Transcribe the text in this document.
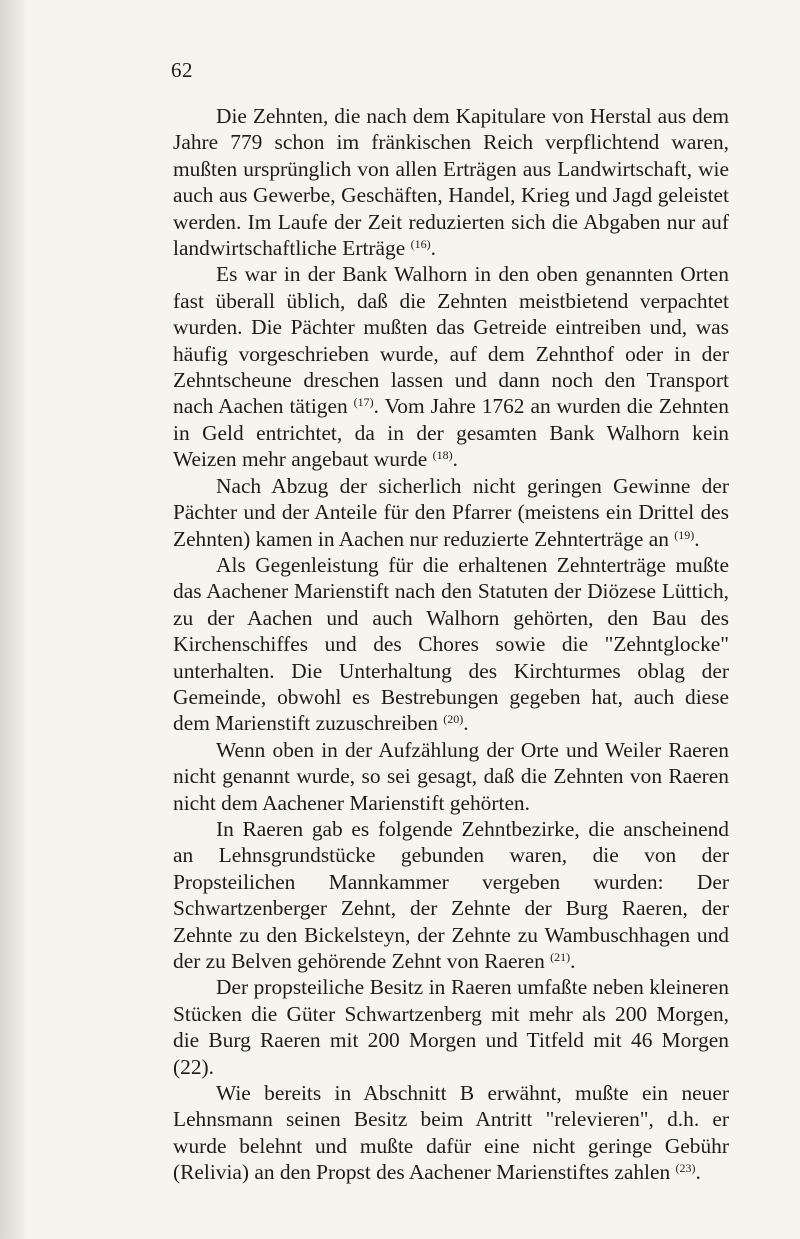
62

Die Zehnten, die nach dem Kapitulare von Herstal aus dem Jahre 779 schon im fränkischen Reich verpflichtend waren, mußten ursprünglich von allen Erträgen aus Landwirtschaft, wie auch aus Gewerbe, Geschäften, Handel, Krieg und Jagd geleistet werden. Im Laufe der Zeit reduzierten sich die Abgaben nur auf landwirtschaftliche Erträge $^{(16)}$.

Es war in der Bank Walhorn in den oben genannten Orten fast überall üblich, daß die Zehnten meistbietend verpachtet wurden. Die Pächter mußten das Getreide eintreiben und, was häufig vorgeschrieben wurde, auf dem Zehnthof oder in der Zehntscheune dreschen lassen und dann noch den Transport nach Aachen tätigen $^{(17)}$. Vom Jahre 1762 an wurden die Zehnten in Geld entrichtet, da in der gesamten Bank Walhorn kein Weizen mehr angebaut wurde $^{(18)}$.

Nach Abzug der sicherlich nicht geringen Gewinne der Pächter und der Anteile für den Pfarrer (meistens ein Drittel des Zehnten) kamen in Aachen nur reduzierte Zehnterträge an $^{(19)}$.

Als Gegenleistung für die erhaltenen Zehnterträge mußte das Aachener Marienstift nach den Statuten der Diözese Lüttich, zu der Aachen und auch Walhorn gehörten, den Bau des Kirchenschiffes und des Chores sowie die "Zehntglocke" unterhalten. Die Unterhaltung des Kirchturmes oblag der Gemeinde, obwohl es Bestrebungen gegeben hat, auch diese dem Marienstift zuzuschreiben $^{(20)}$.

Wenn oben in der Aufzählung der Orte und Weiler Raeren nicht genannt wurde, so sei gesagt, daß die Zehnten von Raeren nicht dem Aachener Marienstift gehörten.

In Raeren gab es folgende Zehntbezirke, die anscheinend an Lehnsgrundstücke gebunden waren, die von der Propsteilichen Mannkammer vergeben wurden: Der Schwartzenberger Zehnt, der Zehnte der Burg Raeren, der Zehnte zu den Bickelsteyn, der Zehnte zu Wambuschhagen und der zu Belven gehörende Zehnt von Raeren $^{(21)}$.

Der propsteiliche Besitz in Raeren umfaßte neben kleineren Stücken die Güter Schwartzenberg mit mehr als 200 Morgen, die Burg Raeren mit 200 Morgen und Titfeld mit 46 Morgen (22).

Wie bereits in Abschnitt B erwähnt, mußte ein neuer Lehnsmann seinen Besitz beim Antritt "relevieren", d.h. er wurde belehnt und mußte dafür eine nicht geringe Gebühr (Relivia) an den Propst des Aachener Marienstiftes zahlen $^{(23)}$.
